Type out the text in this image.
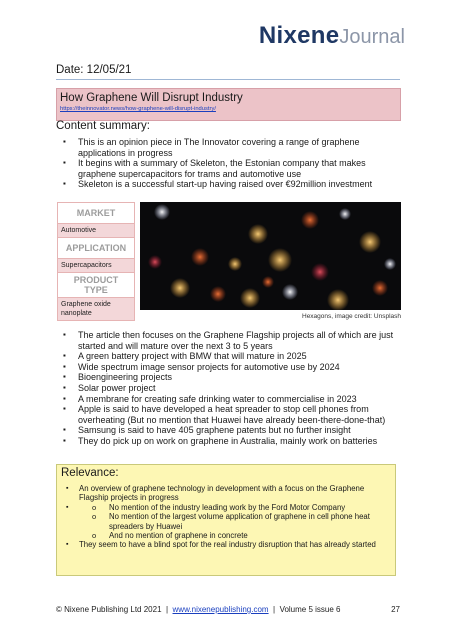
NixeneJournal
Date: 12/05/21
How Graphene Will Disrupt Industry
https://theinnovator.news/how-graphene-will-disrupt-industry/
Content summary:
▪ This is an opinion piece in The Innovator covering a range of graphene applications in progress
▪ It begins with a summary of Skeleton, the Estonian company that makes graphene supercapacitors for trams and automotive use
▪ Skeleton is a successful start-up having raised over €92million investment
MARKET
Automotive
APPLICATION
Supercapacitors
PRODUCT
TYPE
Graphene oxide nanoplate	Hexagons, image credit: Unsplash
▪ The article then focuses on the Graphene Flagship projects all of which are just started and will mature over the next 3 to 5 years
▪ A green battery project with BMW that will mature in 2025
▪ Wide spectrum image sensor projects for automotive use by 2024
▪ Bioengineering projects
▪ Solar power project
▪ A membrane for creating safe drinking water to commercialise in 2023
▪ Apple is said to have developed a heat spreader to stop cell phones from overheating (But no mention that Huawei have already been-there-done-that)
▪ Samsung is said to have 405 graphene patents but no further insight
▪ They do pick up on work on graphene in Australia, mainly work on batteries
Relevance:
▪ An overview of graphene technology in development with a focus on the Graphene Flagship projects in progress
o ▪ No mention of the industry leading work by the Ford Motor Company
o No mention of the largest volume application of graphene in cell phone heat spreaders by Huawei
o And no mention of graphene in concrete
▪ They seem to have a blind spot for the real industry disruption that has already started
© Nixene Publishing Ltd 2021 | www.nixenepublishing.com | Volume 5 issue 6	27
